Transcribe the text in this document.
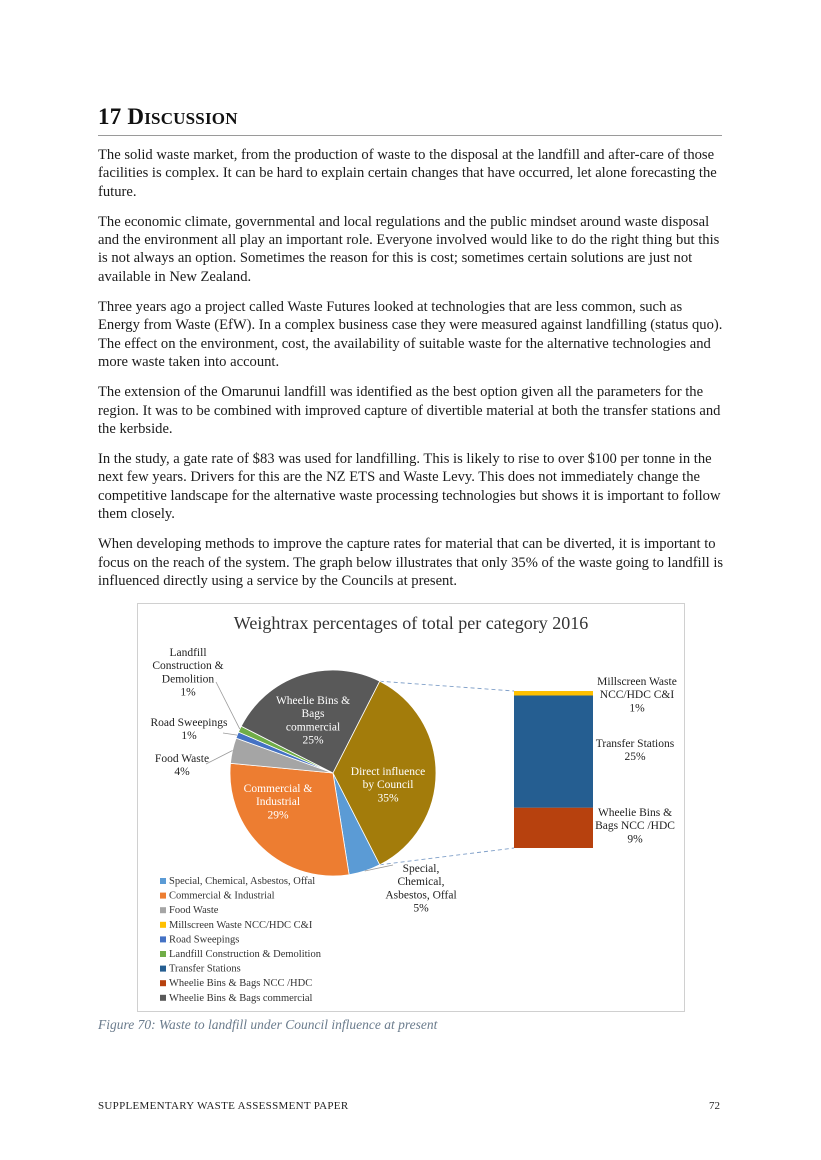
17 DISCUSSION

The solid waste market, from the production of waste to the disposal at the landfill and after-care of those facilities is complex. It can be hard to explain certain changes that have occurred, let alone forecasting the future.

The economic climate, governmental and local regulations and the public mindset around waste disposal and the environment all play an important role. Everyone involved would like to do the right thing but this is not always an option. Sometimes the reason for this is cost; sometimes certain solutions are just not available in New Zealand.

Three years ago a project called Waste Futures looked at technologies that are less common, such as Energy from Waste (EfW). In a complex business case they were measured against landfilling (status quo). The effect on the environment, cost, the availability of suitable waste for the alternative technologies and more waste taken into account.

The extension of the Omarunui landfill was identified as the best option given all the parameters for the region. It was to be combined with improved capture of divertible material at both the transfer stations and the kerbside.

In the study, a gate rate of $83 was used for landfilling. This is likely to rise to over $100 per tonne in the next few years. Drivers for this are the NZ ETS and Waste Levy. This does not immediately change the competitive landscape for the alternative waste processing technologies but shows it is important to follow them closely.

When developing methods to improve the capture rates for material that can be diverted, it is important to focus on the reach of the system. The graph below illustrates that only 35% of the waste going to landfill is influenced directly using a service by the Councils at present.

Weightrax percentages of total per category 2016
Special, Chemical, Asbestos, Offal 5%
Commercial & Industrial 29%
Food Waste 4%
Road Sweepings 1%
Landfill Construction & Demolition 1%
Wheelie Bins & Bags commercial 25%
Direct influence by Council 35%
Wheelie Bins & Bags NCC /HDC 9%
Transfer Stations 25%
Millscreen Waste NCC/HDC C&I 1%
Special, Chemical, Asbestos, Offal
Commercial & Industrial
Food Waste
Millscreen Waste NCC/HDC C&I
Road Sweepings
Landfill Construction & Demolition
Transfer Stations
Wheelie Bins & Bags NCC /HDC
Wheelie Bins & Bags commercial
Figure 70: Waste to landfill under Council influence at present
SUPPLEMENTARY WASTE ASSESSMENT PAPER	72
